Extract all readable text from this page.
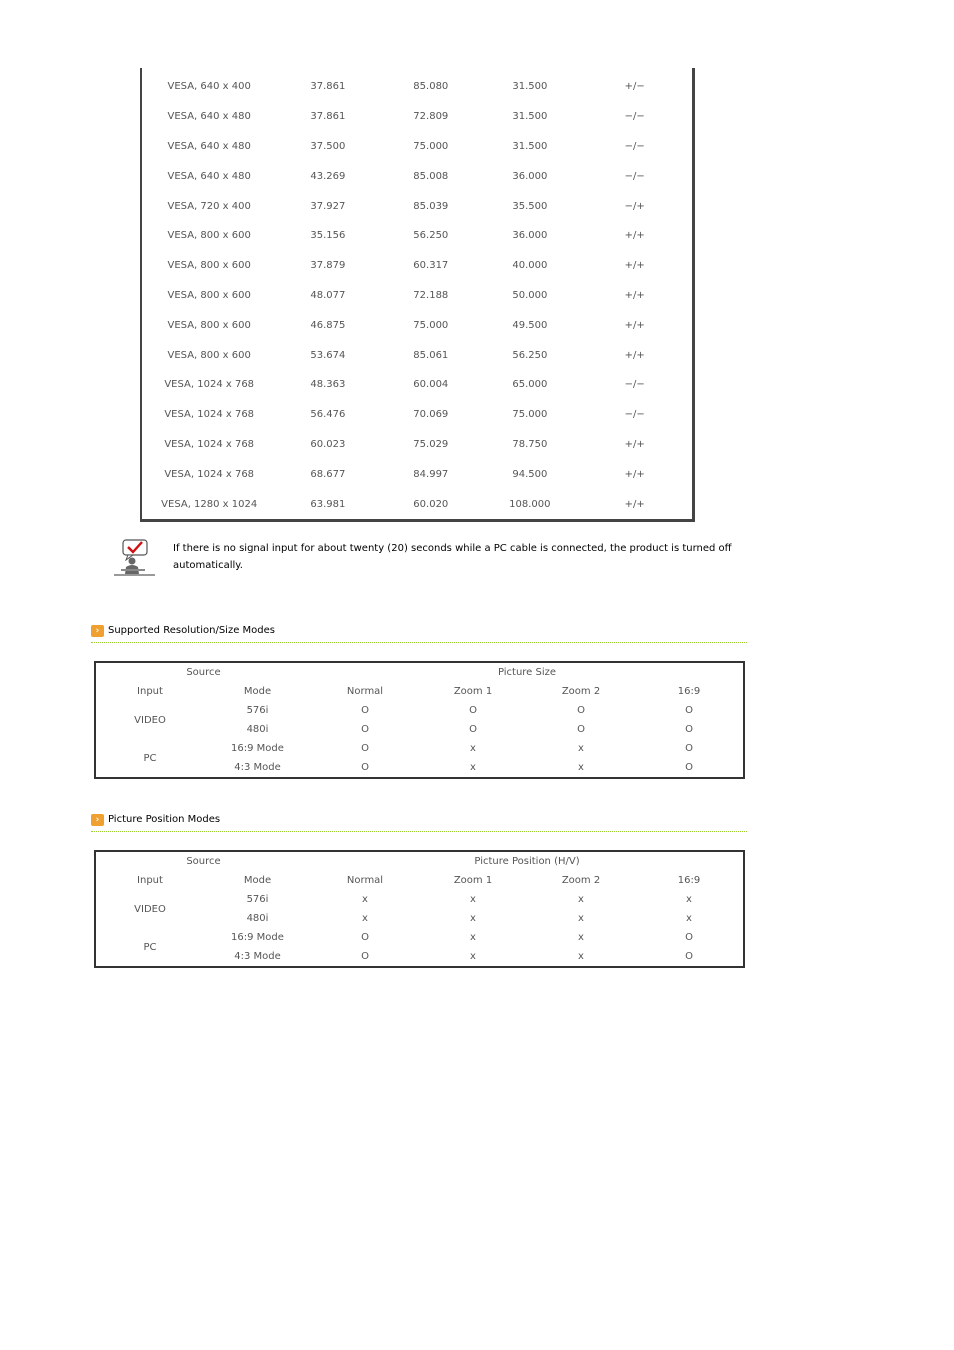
VESA, 640 x 400	37.861	85.080	31.500	+/−
VESA, 640 x 480	37.861	72.809	31.500	−/−
VESA, 640 x 480	37.500	75.000	31.500	−/−
VESA, 640 x 480	43.269	85.008	36.000	−/−
VESA, 720 x 400	37.927	85.039	35.500	−/+
VESA, 800 x 600	35.156	56.250	36.000	+/+
VESA, 800 x 600	37.879	60.317	40.000	+/+
VESA, 800 x 600	48.077	72.188	50.000	+/+
VESA, 800 x 600	46.875	75.000	49.500	+/+
VESA, 800 x 600	53.674	85.061	56.250	+/+
VESA, 1024 x 768	48.363	60.004	65.000	−/−
VESA, 1024 x 768	56.476	70.069	75.000	−/−
VESA, 1024 x 768	60.023	75.029	78.750	+/+
VESA, 1024 x 768	68.677	84.997	94.500	+/+
VESA, 1280 x 1024	63.981	60.020	108.000	+/+
If there is no signal input for about twenty (20) seconds while a PC cable is connected, the product is turned off automatically.
› Supported Resolution/Size Modes
Source		Picture Size			
Input	Mode	Normal	Zoom 1	Zoom 2	16:9
VIDEO	576i	O	O	O	O
	480i	O	O	O	O
PC	16:9 Mode	O	x	x	O
	4:3 Mode	O	x	x	O
› Picture Position Modes
Source		Picture Position (H/V)			
Input	Mode	Normal	Zoom 1	Zoom 2	16:9
VIDEO	576i	x	x	x	x
	480i	x	x	x	x
PC	16:9 Mode	O	x	x	O
	4:3 Mode	O	x	x	O
